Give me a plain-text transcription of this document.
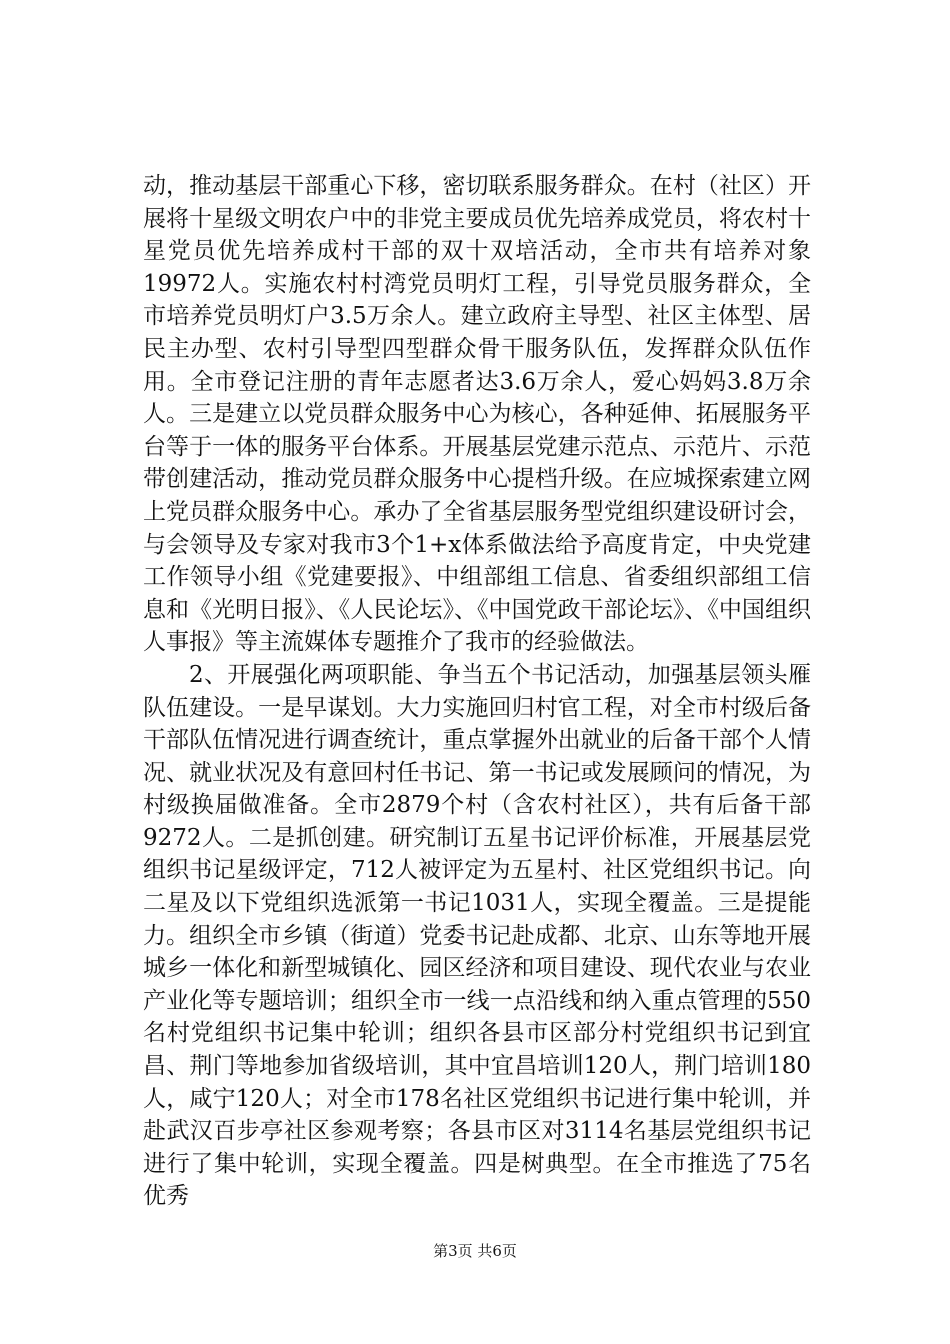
动，推动基层干部重心下移，密切联系服务群众。在村（社区）开展将十星级文明农户中的非党主要成员优先培养成党员，将农村十星党员优先培养成村干部的双十双培活动，全市共有培养对象19972人。实施农村村湾党员明灯工程，引导党员服务群众，全市培养党员明灯户3.5万余人。建立政府主导型、社区主体型、居民主办型、农村引导型四型群众骨干服务队伍，发挥群众队伍作用。全市登记注册的青年志愿者达3.6万余人，爱心妈妈3.8万余人。三是建立以党员群众服务中心为核心，各种延伸、拓展服务平台等于一体的服务平台体系。开展基层党建示范点、示范片、示范带创建活动，推动党员群众服务中心提档升级。在应城探索建立网上党员群众服务中心。承办了全省基层服务型党组织建设研讨会，与会领导及专家对我市3个1+x体系做法给予高度肯定，中央党建工作领导小组《党建要报》、中组部组工信息、省委组织部组工信息和《光明日报》、《人民论坛》、《中国党政干部论坛》、《中国组织人事报》等主流媒体专题推介了我市的经验做法。

2、开展强化两项职能、争当五个书记活动，加强基层领头雁队伍建设。一是早谋划。大力实施回归村官工程，对全市村级后备干部队伍情况进行调查统计，重点掌握外出就业的后备干部个人情况、就业状况及有意回村任书记、第一书记或发展顾问的情况，为村级换届做准备。全市2879个村（含农村社区），共有后备干部9272人。二是抓创建。研究制订五星书记评价标准，开展基层党组织书记星级评定，712人被评定为五星村、社区党组织书记。向二星及以下党组织选派第一书记1031人，实现全覆盖。三是提能力。组织全市乡镇（街道）党委书记赴成都、北京、山东等地开展城乡一体化和新型城镇化、园区经济和项目建设、现代农业与农业产业化等专题培训；组织全市一线一点沿线和纳入重点管理的550名村党组织书记集中轮训；组织各县市区部分村党组织书记到宜昌、荆门等地参加省级培训，其中宜昌培训120人，荆门培训180人，咸宁120人；对全市178名社区党组织书记进行集中轮训，并赴武汉百步亭社区参观考察；各县市区对3114名基层党组织书记进行了集中轮训，实现全覆盖。四是树典型。在全市推选了75名优秀

第3页 共6页
